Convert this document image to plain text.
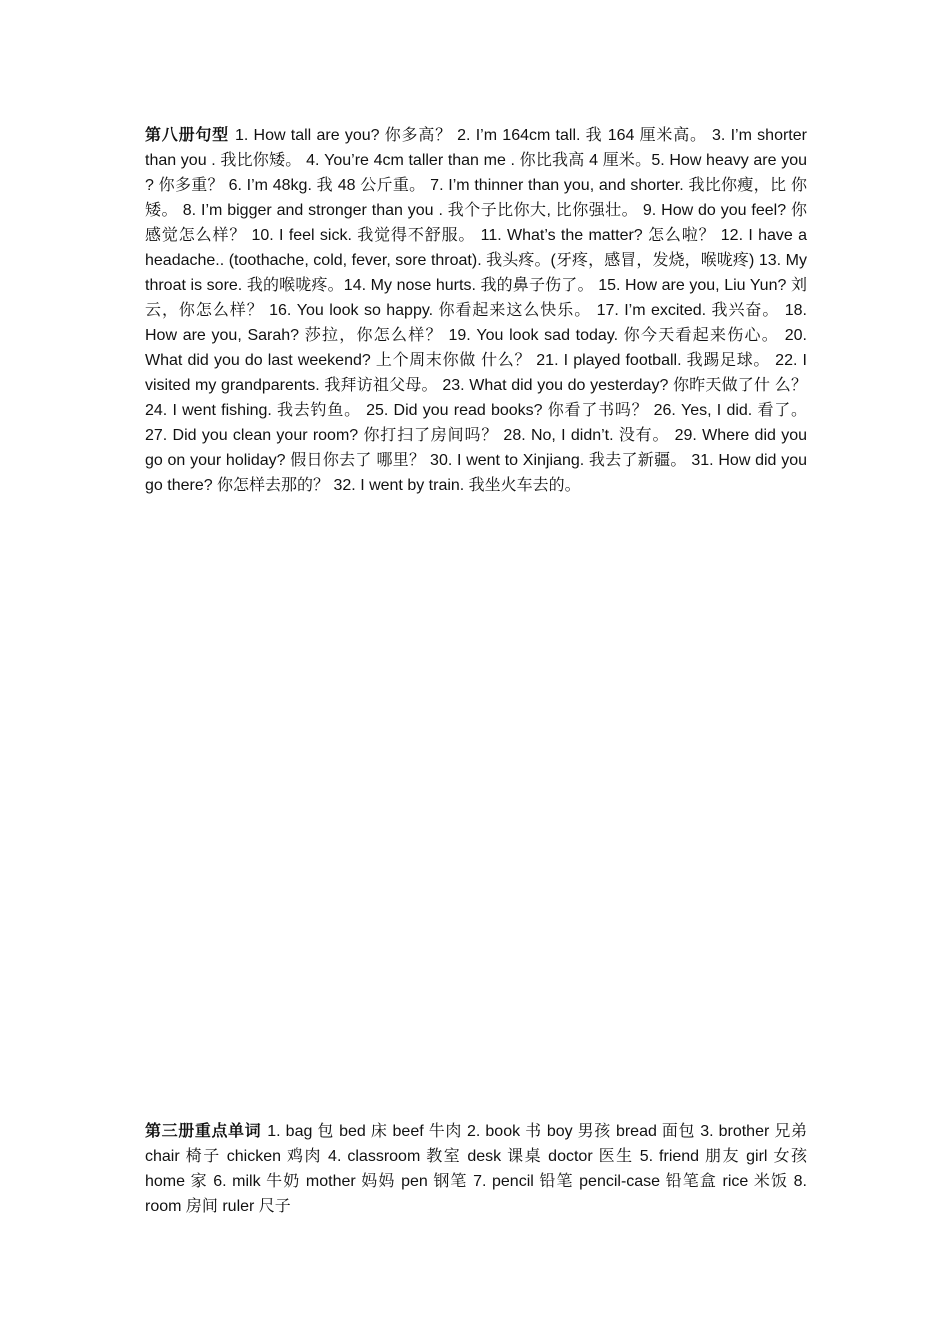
第八册句型 1. How tall are you? 你多高？ 2. I’m 164cm tall. 我 164 厘米高。 3. I’m shorter than you . 我比你矮。 4. You’re 4cm taller than me . 你比我高 4 厘米。5. How heavy are you ? 你多重？ 6. I’m 48kg. 我 48 公斤重。 7. I’m thinner than you, and shorter. 我比你瘦，比 你矮。 8. I’m bigger and stronger than you . 我个子比你大, 比你强壮。 9. How do you feel? 你感觉怎么样？ 10. I feel sick. 我觉得不舒服。 11. What’s the matter? 怎么啦？ 12. I have a headache.. (toothache, cold, fever, sore throat). 我头疼。(牙疼，感冒，发烧，喉咙疼) 13. My throat is sore. 我的喉咙疼。14. My nose hurts. 我的鼻子伤了。 15. How are you, Liu Yun? 刘云，你怎么样？ 16. You look so happy. 你看起来这么快乐。 17. I’m excited. 我兴奋。 18. How are you, Sarah? 莎拉，你怎么样？ 19. You look sad today. 你今天看起来伤心。 20. What did you do last weekend? 上个周末你做 什么？ 21. I played football. 我踢足球。 22. I visited my grandparents. 我拜访祖父母。 23. What did you do yesterday? 你昨天做了什 么？ 24. I went fishing. 我去钓鱼。 25. Did you read books? 你看了书吗？ 26. Yes, I did. 看了。 27. Did you clean your room? 你打扫了房间吗？ 28. No, I didn’t. 没有。 29. Where did you go on your holiday? 假日你去了 哪里？ 30. I went to Xinjiang. 我去了新疆。 31. How did you go there? 你怎样去那的？ 32. I went by train. 我坐火车去的。

第三册重点单词 1. bag 包 bed 床 beef 牛肉 2. book 书 boy 男孩 bread 面包 3. brother 兄弟 chair 椅子 chicken 鸡肉 4. classroom 教室 desk 课桌 doctor 医生 5. friend 朋友 girl 女孩 home 家 6. milk 牛奶 mother 妈妈 pen 钢笔 7. pencil 铅笔 pencil-case 铅笔盒 rice 米饭 8. room 房间 ruler 尺子
